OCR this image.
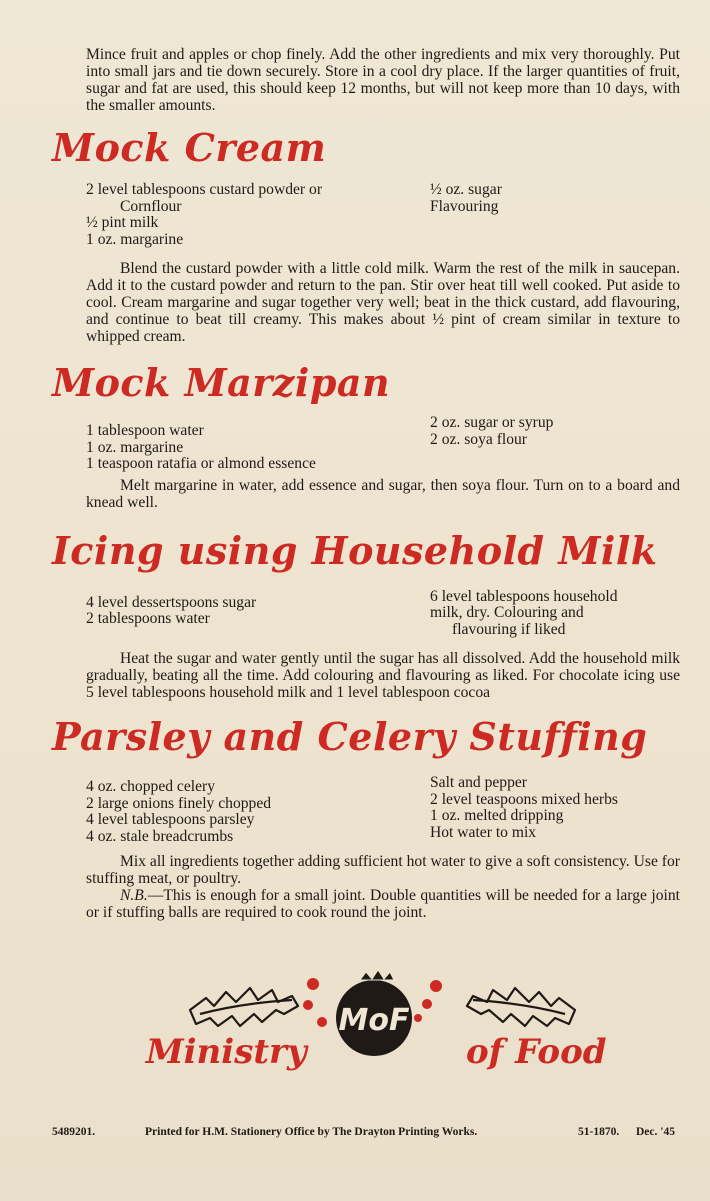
Mince fruit and apples or chop finely. Add the other ingredients and mix very thoroughly. Put into small jars and tie down securely. Store in a cool dry place. If the larger quantities of fruit, sugar and fat are used, this should keep 12 months, but will not keep more than 10 days, with the smaller amounts.

Mock Cream
2 level tablespoons custard powder or
Cornflour
½ pint milk
1 oz. margarine
½ oz. sugar
Flavouring

Blend the custard powder with a little cold milk. Warm the rest of the milk in saucepan. Add it to the custard powder and return to the pan. Stir over heat till well cooked. Put aside to cool. Cream margarine and sugar together very well; beat in the thick custard, add flavouring, and continue to beat till creamy. This makes about ½ pint of cream similar in texture to whipped cream.

Mock Marzipan
1 tablespoon water
1 oz. margarine
1 teaspoon ratafia or almond essence
2 oz. sugar or syrup
2 oz. soya flour

Melt margarine in water, add essence and sugar, then soya flour. Turn on to a board and knead well.

Icing using Household Milk
4 level dessertspoons sugar
2 tablespoons water
6 level tablespoons household
milk, dry. Colouring and
flavouring if liked

Heat the sugar and water gently until the sugar has all dissolved. Add the household milk gradually, beating all the time. Add colouring and flavouring as liked. For chocolate icing use 5 level tablespoons household milk and 1 level tablespoon cocoa

Parsley and Celery Stuffing
4 oz. chopped celery
2 large onions finely chopped
4 level tablespoons parsley
4 oz. stale breadcrumbs
Salt and pepper
2 level teaspoons mixed herbs
1 oz. melted dripping
Hot water to mix

Mix all ingredients together adding sufficient hot water to give a soft consistency. Use for stuffing meat, or poultry.

N.B.—This is enough for a small joint. Double quantities will be needed for a large joint or if stuffing balls are required to cook round the joint.

MoF
Ministry	of Food
5489201.	Printed for H.M. Stationery Office by The Drayton Printing Works.	51-1870. Dec. '45
